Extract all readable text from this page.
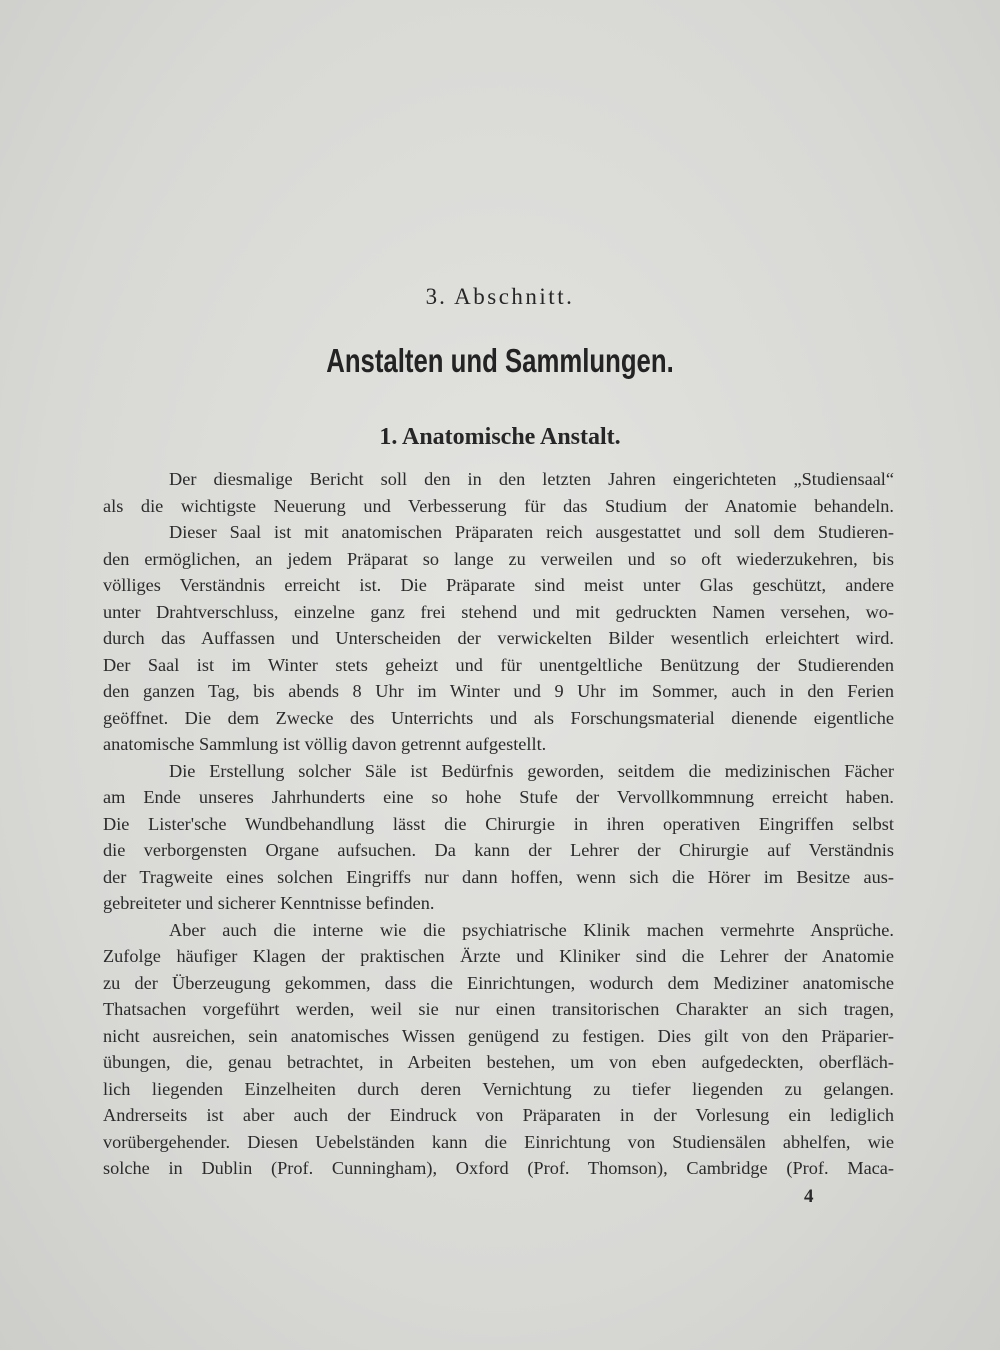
3. Abschnitt.
Anstalten und Sammlungen.
1. Anatomische Anstalt.
Der diesmalige Bericht soll den in den letzten Jahren eingerichteten „Studiensaal“
als die wichtigste Neuerung und Verbesserung für das Studium der Anatomie behandeln.
Dieser Saal ist mit anatomischen Präparaten reich ausgestattet und soll dem Studieren-
den ermöglichen, an jedem Präparat so lange zu verweilen und so oft wiederzukehren, bis
völliges Verständnis erreicht ist. Die Präparate sind meist unter Glas geschützt, andere
unter Drahtverschluss, einzelne ganz frei stehend und mit gedruckten Namen versehen, wo-
durch das Auffassen und Unterscheiden der verwickelten Bilder wesentlich erleichtert wird.
Der Saal ist im Winter stets geheizt und für unentgeltliche Benützung der Studierenden
den ganzen Tag, bis abends 8 Uhr im Winter und 9 Uhr im Sommer, auch in den Ferien
geöffnet. Die dem Zwecke des Unterrichts und als Forschungsmaterial dienende eigentliche
anatomische Sammlung ist völlig davon getrennt aufgestellt.
Die Erstellung solcher Säle ist Bedürfnis geworden, seitdem die medizinischen Fächer
am Ende unseres Jahrhunderts eine so hohe Stufe der Vervollkommnung erreicht haben.
Die Lister'sche Wundbehandlung lässt die Chirurgie in ihren operativen Eingriffen selbst
die verborgensten Organe aufsuchen. Da kann der Lehrer der Chirurgie auf Verständnis
der Tragweite eines solchen Eingriffs nur dann hoffen, wenn sich die Hörer im Besitze aus-
gebreiteter und sicherer Kenntnisse befinden.
Aber auch die interne wie die psychiatrische Klinik machen vermehrte Ansprüche.
Zufolge häufiger Klagen der praktischen Ärzte und Kliniker sind die Lehrer der Anatomie
zu der Überzeugung gekommen, dass die Einrichtungen, wodurch dem Mediziner anatomische
Thatsachen vorgeführt werden, weil sie nur einen transitorischen Charakter an sich tragen,
nicht ausreichen, sein anatomisches Wissen genügend zu festigen. Dies gilt von den Präparier-
übungen, die, genau betrachtet, in Arbeiten bestehen, um von eben aufgedeckten, oberfläch-
lich liegenden Einzelheiten durch deren Vernichtung zu tiefer liegenden zu gelangen.
Andrerseits ist aber auch der Eindruck von Präparaten in der Vorlesung ein lediglich
vorübergehender. Diesen Uebelständen kann die Einrichtung von Studiensälen abhelfen, wie
solche in Dublin (Prof. Cunningham), Oxford (Prof. Thomson), Cambridge (Prof. Maca-
4
